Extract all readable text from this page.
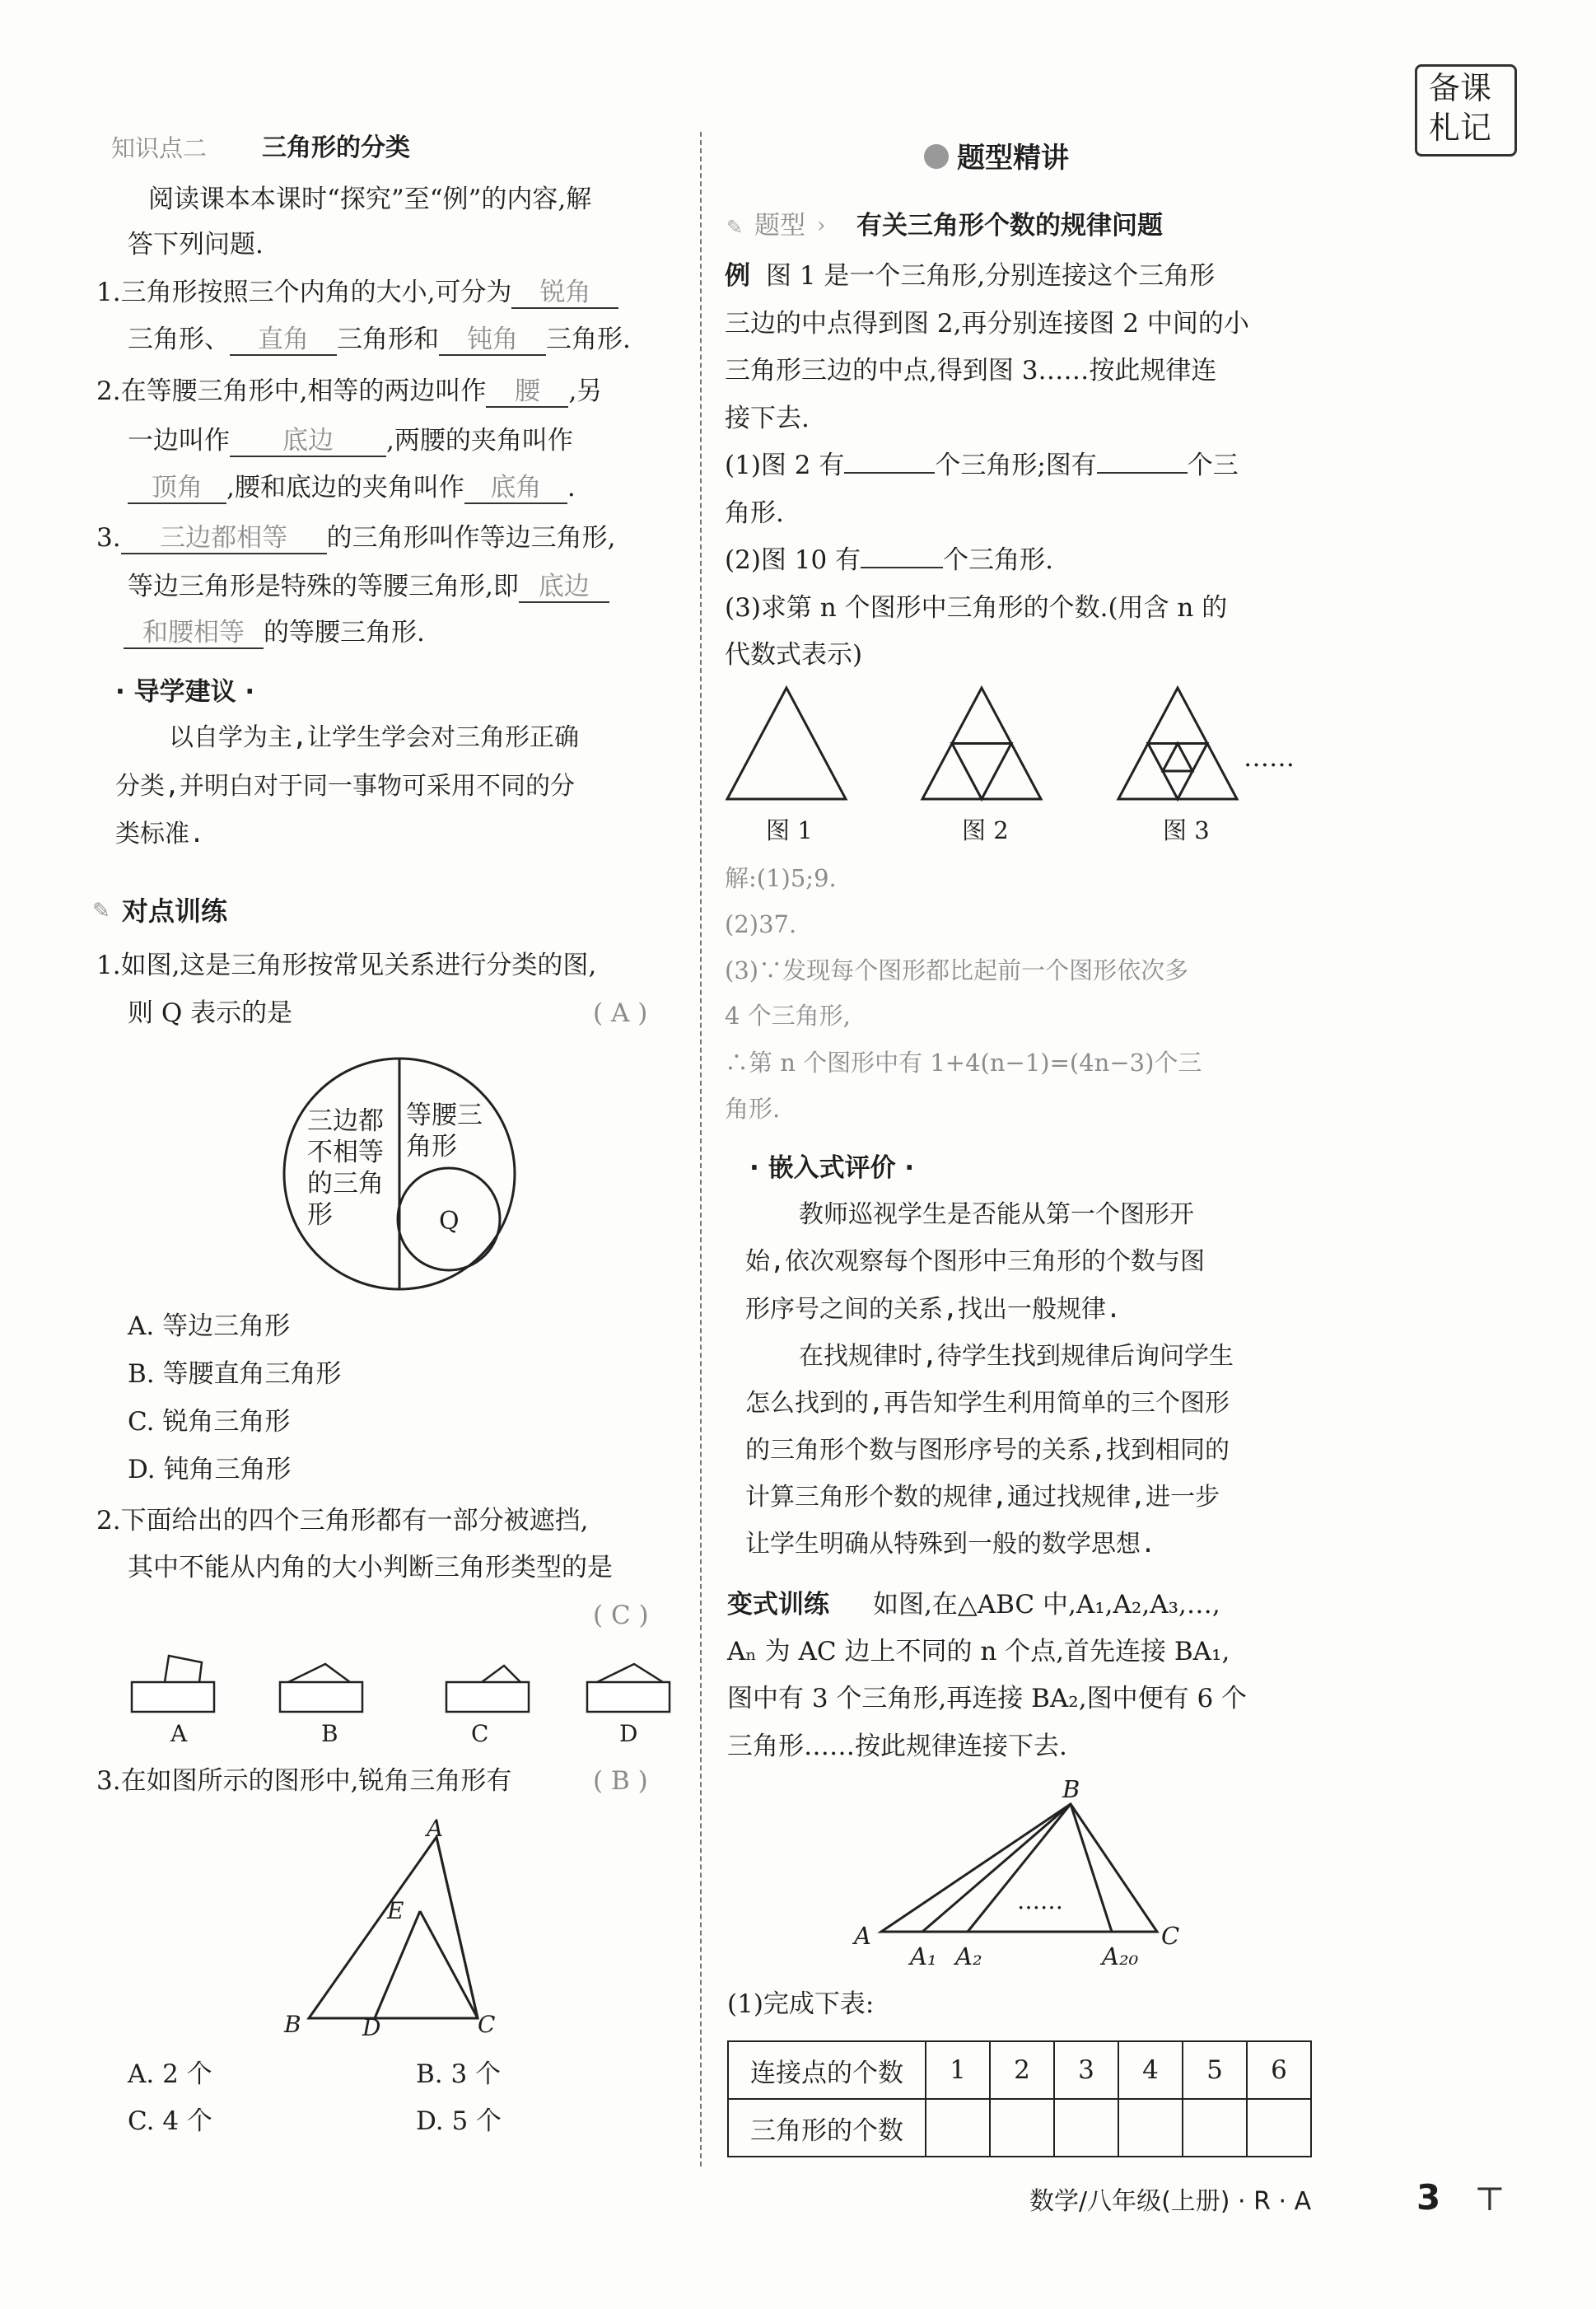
备课
札记
知识点二 三角形的分类
阅读课本本课时“探究”至“例”的内容,解
答下列问题.
1.三角形按照三个内角的大小,可分为 锐角
三角形、 直角 三角形和 钝角 三角形.
2.在等腰三角形中,相等的两边叫作 腰 ,另
一边叫作 底边 ,两腰的夹角叫作
顶角 ,腰和底边的夹角叫作 底角 .
3. 三边都相等 的三角形叫作等边三角形,
等边三角形是特殊的等腰三角形,即 底边
和腰相等 的等腰三角形.
· 导学建议 ·
以自学为主,让学生学会对三角形正确
分类,并明白对于同一事物可采用不同的分
类标准.
✎ 对点训练
1.如图,这是三角形按常见关系进行分类的图,
则 Q 表示的是	( A )
三边都
不相等
的三角
形
等腰三
角形
Q
A. 等边三角形
B. 等腰直角三角形
C. 锐角三角形
D. 钝角三角形
2.下面给出的四个三角形都有一部分被遮挡,
其中不能从内角的大小判断三角形类型的是
( C )
A	B	C	D
3.在如图所示的图形中,锐角三角形有	( B )
A
E
B	D	C
A. 2 个	B. 3 个
C. 4 个	D. 5 个
题型精讲
✎ 题型 › 有关三角形个数的规律问题
例 图 1 是一个三角形,分别连接这个三角形
三边的中点得到图 2,再分别连接图 2 中间的小
三角形三边的中点,得到图 3……按此规律连
接下去.
(1)图 2 有	个三角形;图有	个三
角形.
(2)图 10 有	个三角形.
(3)求第 n 个图形中三角形的个数.(用含 n 的
代数式表示)
……
图 1	图 2	图 3
解:(1)5;9.
(2)37.
(3)∵发现每个图形都比起前一个图形依次多
4 个三角形,
∴第 n 个图形中有 1+4(n−1)=(4n−3)个三
角形.
· 嵌入式评价 ·
教师巡视学生是否能从第一个图形开
始,依次观察每个图形中三角形的个数与图
形序号之间的关系,找出一般规律.
在找规律时,待学生找到规律后询问学生
怎么找到的,再告知学生利用简单的三个图形
的三角形个数与图形序号的关系,找到相同的
计算三角形个数的规律,通过找规律,进一步
让学生明确从特殊到一般的数学思想.
变式训练 如图,在△ABC 中,A₁,A₂,A₃,…,
Aₙ 为 AC 边上不同的 n 个点,首先连接 BA₁,
图中有 3 个三角形,再连接 BA₂,图中便有 6 个
三角形……按此规律连接下去.
B
……
A
A₁ A₂	A₂₀
C
(1)完成下表:
连接点的个数	1	2	3	4	5	6
三角形的个数						
数学/八年级(上册) · R · A	3 ⊤
